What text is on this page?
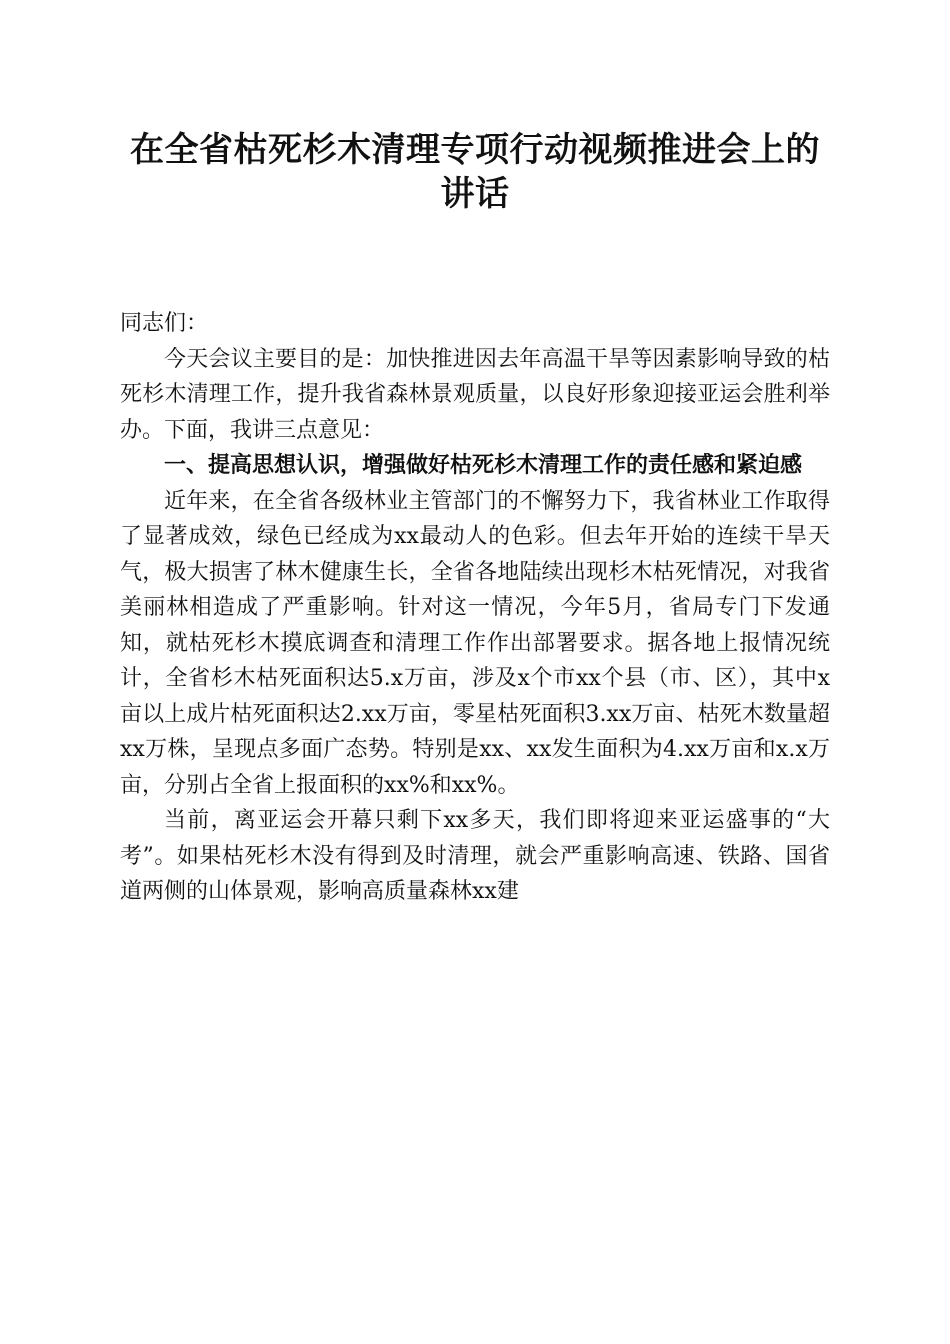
在全省枯死杉木清理专项行动视频推进会上的
讲话

同志们：

今天会议主要目的是：加快推进因去年高温干旱等因素影响导致的枯死杉木清理工作，提升我省森林景观质量，以良好形象迎接亚运会胜利举办。下面，我讲三点意见：

一、提高思想认识，增强做好枯死杉木清理工作的责任感和紧迫感

近年来，在全省各级林业主管部门的不懈努力下，我省林业工作取得了显著成效，绿色已经成为xx最动人的色彩。但去年开始的连续干旱天气，极大损害了林木健康生长，全省各地陆续出现杉木枯死情况，对我省美丽林相造成了严重影响。针对这一情况，今年5月，省局专门下发通知，就枯死杉木摸底调查和清理工作作出部署要求。据各地上报情况统计，全省杉木枯死面积达5.x万亩，涉及x个市xx个县（市、区），其中x亩以上成片枯死面积达2.xx万亩，零星枯死面积3.xx万亩、枯死木数量超xx万株，呈现点多面广态势。特别是xx、xx发生面积为4.xx万亩和x.x万亩，分别占全省上报面积的xx%和xx%。

当前，离亚运会开幕只剩下xx多天，我们即将迎来亚运盛事的“大考”。如果枯死杉木没有得到及时清理，就会严重影响高速、铁路、国省道两侧的山体景观，影响高质量森林xx建
